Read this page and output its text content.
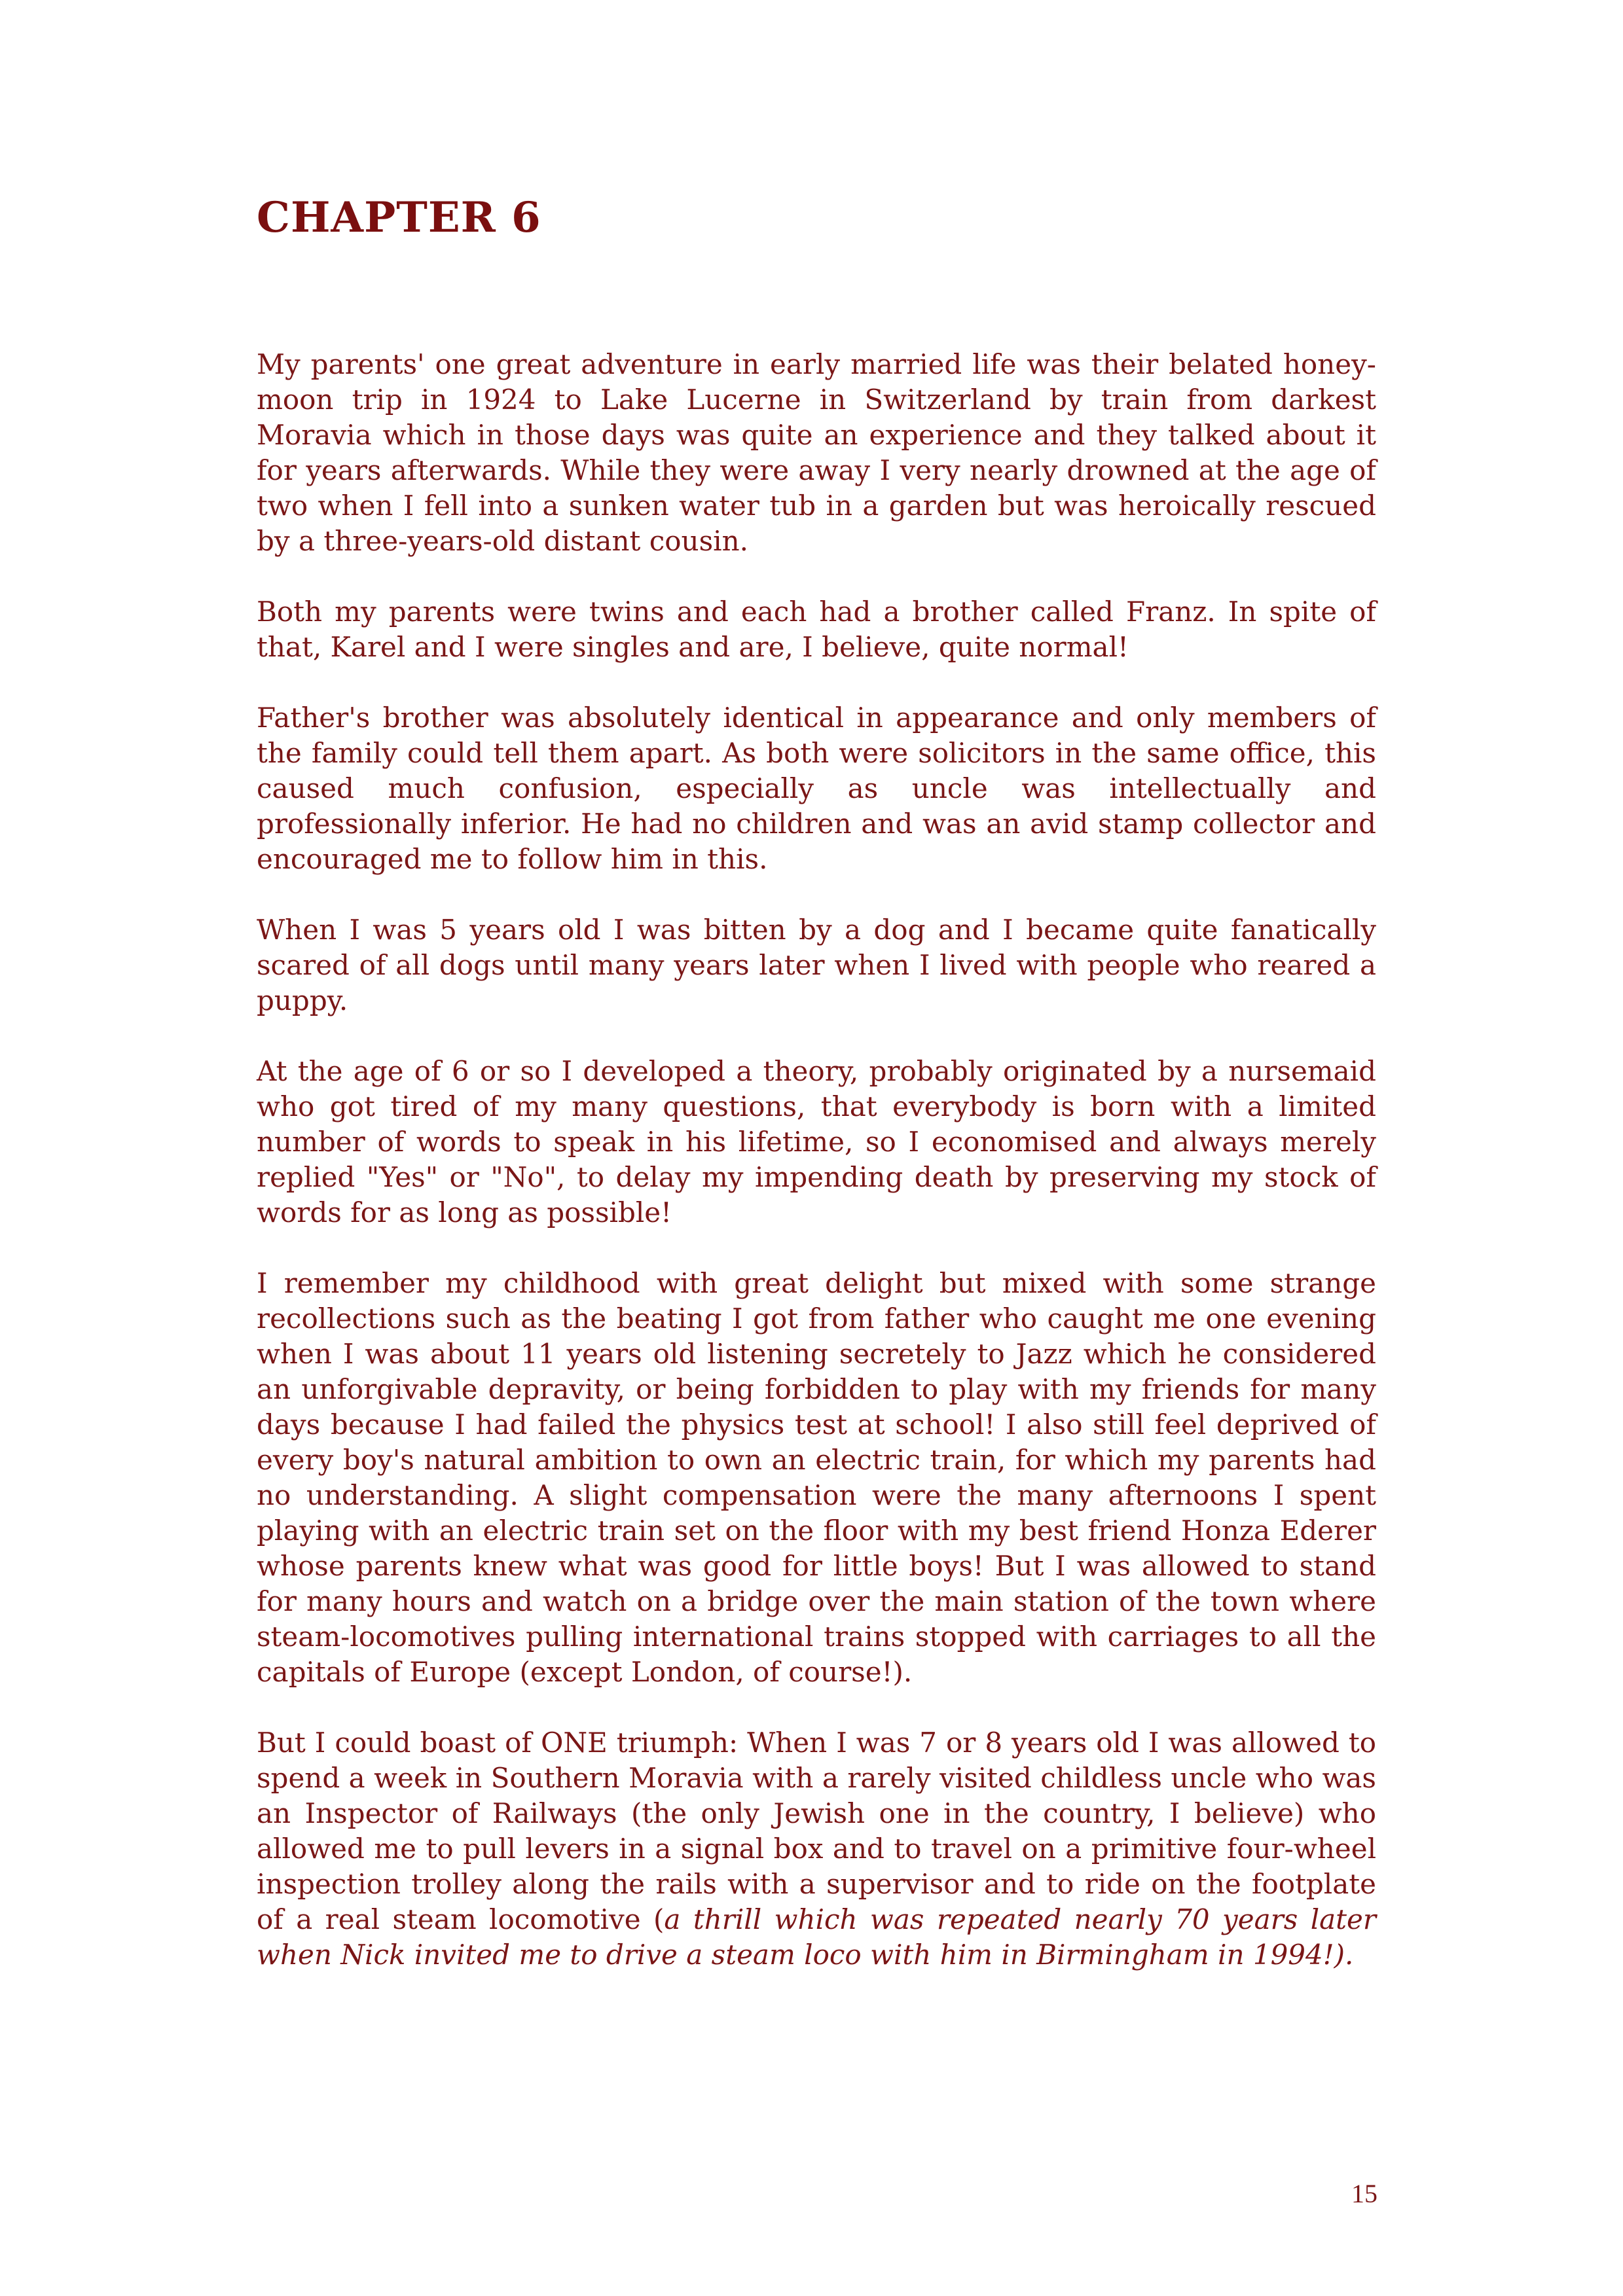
CHAPTER 6

My parents' one great adventure in early married life was their belated honey-moon trip in 1924 to Lake Lucerne in Switzerland by train from darkest Moravia which in those days was quite an experience and they talked about it for years afterwards. While they were away I very nearly drowned at the age of two when I fell into a sunken water tub in a garden but was heroically rescued by a three-years-old distant cousin.

Both my parents were twins and each had a brother called Franz. In spite of that, Karel and I were singles and are, I believe, quite normal!

Father's brother was absolutely identical in appearance and only members of the family could tell them apart. As both were solicitors in the same office, this caused much confusion, especially as uncle was intellectually and professionally inferior. He had no children and was an avid stamp collector and encouraged me to follow him in this.

When I was 5 years old I was bitten by a dog and I became quite fanatically scared of all dogs until many years later when I lived with people who reared a puppy.

At the age of 6 or so I developed a theory, probably originated by a nursemaid who got tired of my many questions, that everybody is born with a limited number of words to speak in his lifetime, so I economised and always merely replied "Yes" or "No", to delay my impending death by preserving my stock of words for as long as possible!

I remember my childhood with great delight but mixed with some strange recollections such as the beating I got from father who caught me one evening when I was about 11 years old listening secretely to Jazz which he considered an unforgivable depravity, or being forbidden to play with my friends for many days because I had failed the physics test at school! I also still feel deprived of every boy's natural ambition to own an electric train, for which my parents had no understanding. A slight compensation were the many afternoons I spent playing with an electric train set on the floor with my best friend Honza Ederer whose parents knew what was good for little boys! But I was allowed to stand for many hours and watch on a bridge over the main station of the town where steam-locomotives pulling international trains stopped with carriages to all the capitals of Europe (except London, of course!).

But I could boast of ONE triumph: When I was 7 or 8 years old I was allowed to spend a week in Southern Moravia with a rarely visited childless uncle who was an Inspector of Railways (the only Jewish one in the country, I believe) who allowed me to pull levers in a signal box and to travel on a primitive four-wheel inspection trolley along the rails with a supervisor and to ride on the footplate of a real steam locomotive (a thrill which was repeated nearly 70 years later when Nick invited me to drive a steam loco with him in Birmingham in 1994!).

15
